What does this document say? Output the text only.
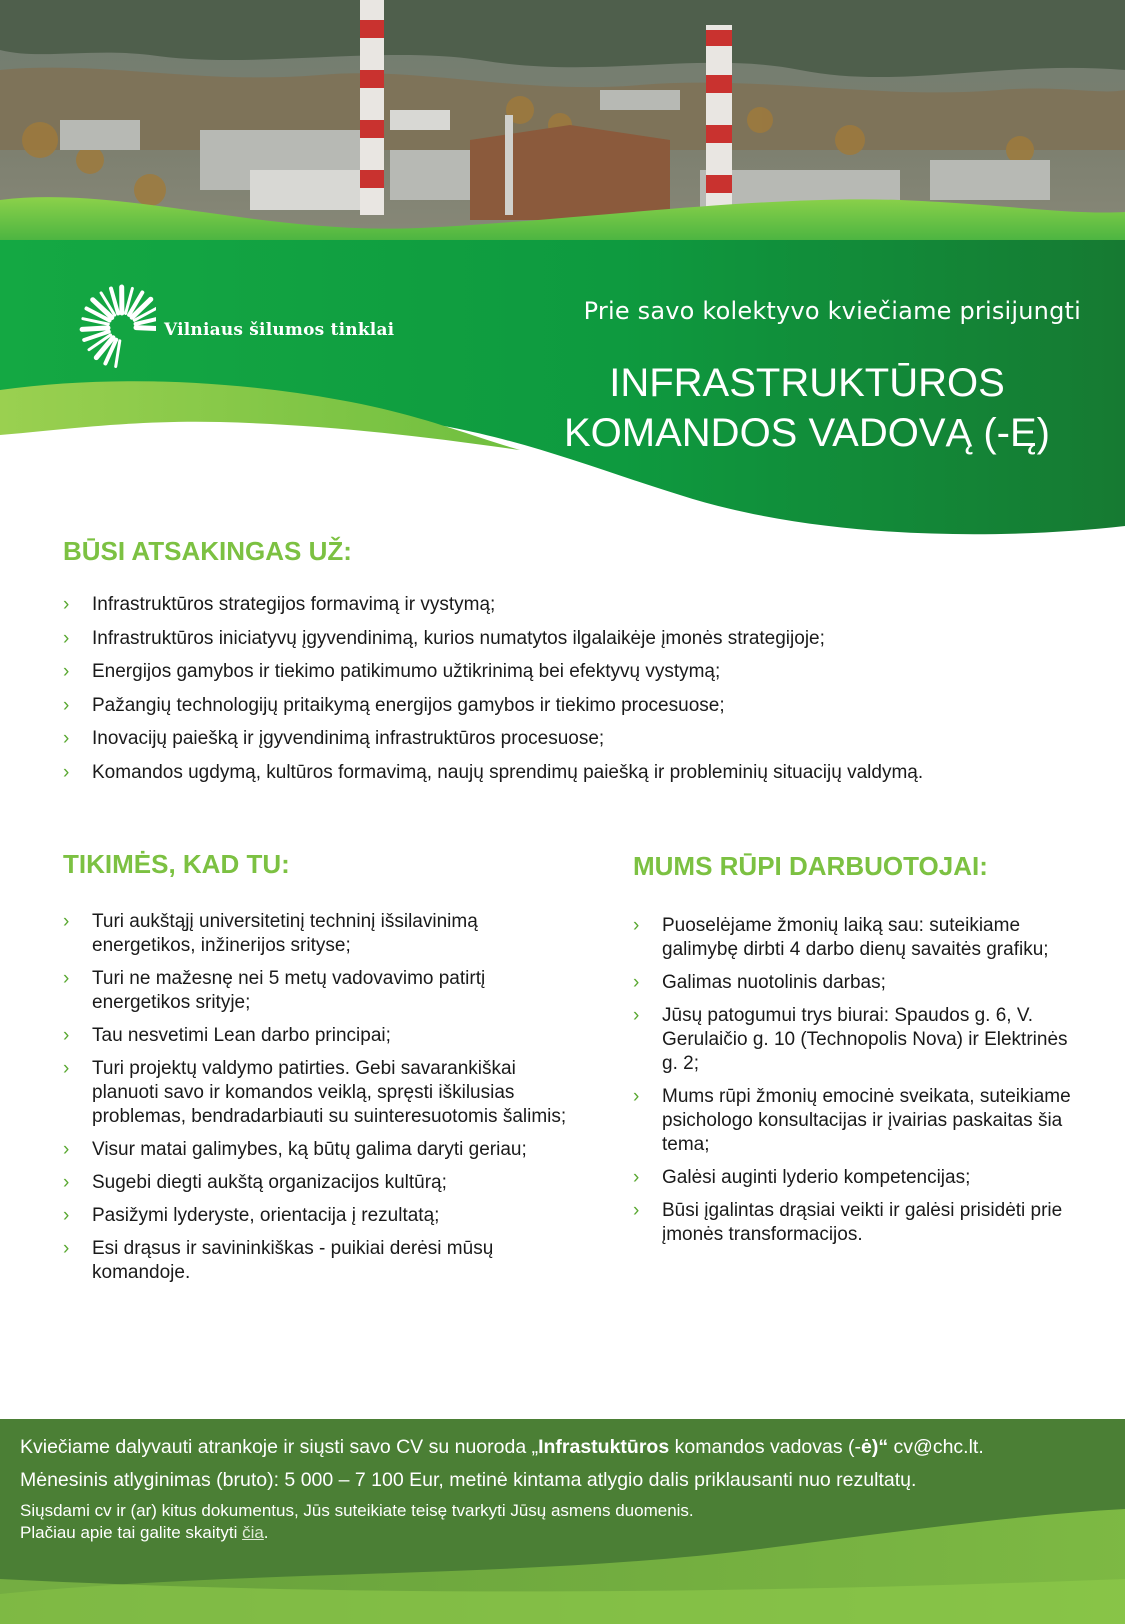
Vilniaus šilumos tinklai
Prie savo kolektyvo kviečiame prisijungti
INFRASTRUKTŪROS
KOMANDOS VADOVĄ (-Ę)
BŪSI ATSAKINGAS UŽ:
› Infrastruktūros strategijos formavimą ir vystymą;
› Infrastruktūros iniciatyvų įgyvendinimą, kurios numatytos ilgalaikėje įmonės strategijoje;
› Energijos gamybos ir tiekimo patikimumo užtikrinimą bei efektyvų vystymą;
› Pažangių technologijų pritaikymą energijos gamybos ir tiekimo procesuose;
› Inovacijų paiešką ir įgyvendinimą infrastruktūros procesuose;
› Komandos ugdymą, kultūros formavimą, naujų sprendimų paiešką ir probleminių situacijų valdymą.
TIKIMĖS, KAD TU:
› Turi aukštąjį universitetinį techninį išsilavinimą energetikos, inžinerijos srityse;
› Turi ne mažesnę nei 5 metų vadovavimo patirtį energetikos srityje;
› Tau nesvetimi Lean darbo principai;
› Turi projektų valdymo patirties. Gebi savarankiškai planuoti savo ir komandos veiklą, spręsti iškilusias problemas, bendradarbiauti su suinteresuotomis šalimis;
› Visur matai galimybes, ką būtų galima daryti geriau;
› Sugebi diegti aukštą organizacijos kultūrą;
› Pasižymi lyderyste, orientacija į rezultatą;
› Esi drąsus ir savininkiškas - puikiai derėsi mūsų komandoje.
MUMS RŪPI DARBUOTOJAI:
› Puoselėjame žmonių laiką sau: suteikiame galimybę dirbti 4 darbo dienų savaitės grafiku;
› Galimas nuotolinis darbas;
› Jūsų patogumui trys biurai: Spaudos g. 6, V. Gerulaičio g. 10 (Technopolis Nova) ir Elektrinės g. 2;
› Mums rūpi žmonių emocinė sveikata, suteikiame psichologo konsultacijas ir įvairias paskaitas šia tema;
› Galėsi auginti lyderio kompetencijas;
› Būsi įgalintas drąsiai veikti ir galėsi prisidėti prie įmonės transformacijos.
Kviečiame dalyvauti atrankoje ir siųsti savo CV su nuoroda „Infrastuktūros komandos vadovas (-ė)“ cv@chc.lt.
Mėnesinis atlyginimas (bruto): 5 000 – 7 100 Eur, metinė kintama atlygio dalis priklausanti nuo rezultatų.
Siųsdami cv ir (ar) kitus dokumentus, Jūs suteikiate teisę tvarkyti Jūsų asmens duomenis.
Plačiau apie tai galite skaityti čia.
